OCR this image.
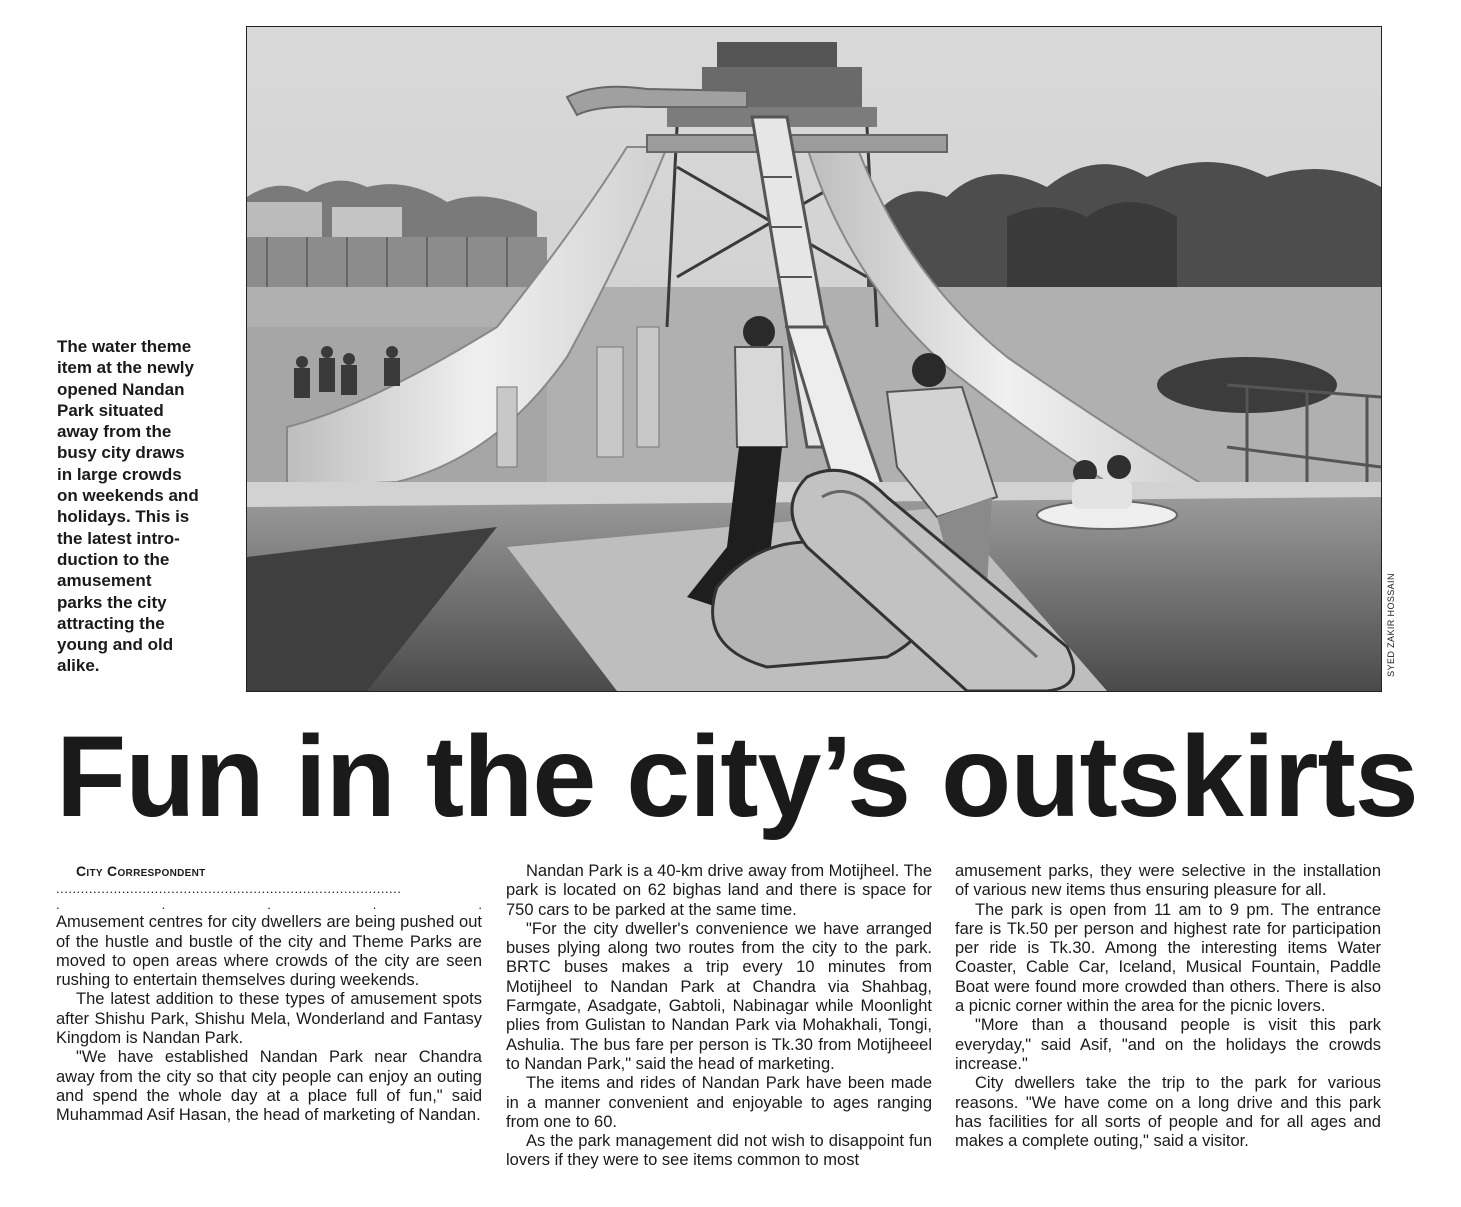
The water theme
item at the newly
opened Nandan
Park situated
away from the
busy city draws
in large crowds
on weekends and
holidays. This is
the latest intro-
duction to the
amusement
parks the city
attracting the
young and old
alike.	SYED ZAKIR HOSSAIN
Fun in the city’s outskirts

City Correspondent

....................................................................................
.	.	.	.	.

Amusement centres for city dwellers are being pushed out of the hustle and bustle of the city and Theme Parks are moved to open areas where crowds of the city are seen rushing to entertain themselves during weekends.

The latest addition to these types of amusement spots after Shishu Park, Shishu Mela, Wonderland and Fantasy Kingdom is Nandan Park.

"We have established Nandan Park near Chandra away from the city so that city people can enjoy an outing and spend the whole day at a place full of fun," said Muhammad Asif Hasan, the head of marketing of Nandan.

Nandan Park is a 40-km drive away from Motijheel. The park is located on 62 bighas land and there is space for 750 cars to be parked at the same time.

"For the city dweller's convenience we have arranged buses plying along two routes from the city to the park. BRTC buses makes a trip every 10 minutes from Motijheel to Nandan Park at Chandra via Shahbag, Farmgate, Asadgate, Gabtoli, Nabinagar while Moonlight plies from Gulistan to Nandan Park via Mohakhali, Tongi, Ashulia. The bus fare per person is Tk.30 from Motijheeel to Nandan Park," said the head of marketing.

The items and rides of Nandan Park have been made in a manner convenient and enjoyable to ages ranging from one to 60.

As the park management did not wish to disappoint fun lovers if they were to see items common to most

amusement parks, they were selective in the installation of various new items thus ensuring pleasure for all.

The park is open from 11 am to 9 pm. The entrance fare is Tk.50 per person and highest rate for participation per ride is Tk.30. Among the interesting items Water Coaster, Cable Car, Iceland, Musical Fountain, Paddle Boat were found more crowded than others. There is also a picnic corner within the area for the picnic lovers.

"More than a thousand people is visit this park everyday," said Asif, "and on the holidays the crowds increase."

City dwellers take the trip to the park for various reasons. "We have come on a long drive and this park has facilities for all sorts of people and for all ages and makes a complete outing," said a visitor.
